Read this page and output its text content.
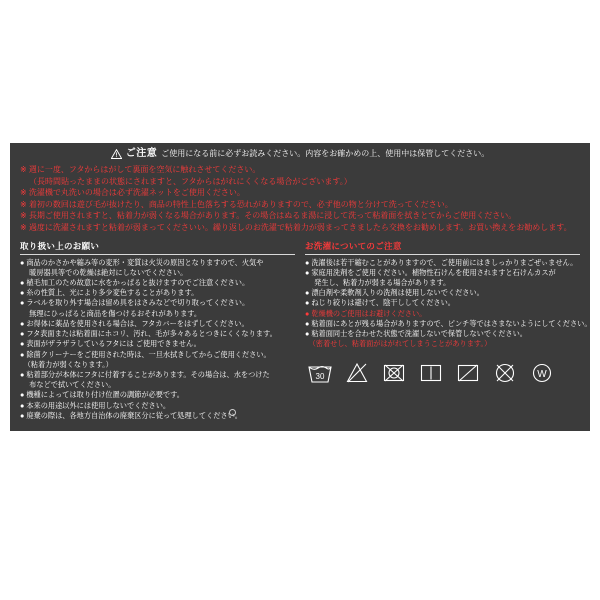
ご注意 ご使用になる前に必ずお読みください。内容をお確かめの上、使用中は保管してください。
※ 週に一度、フタからはがして裏面を空気に触れさせてください。
（長時間貼ったままの状態にされますと、フタからはがれにくくなる場合がございます。）
※ 洗濯機で丸洗いの場合は必ず洗濯ネットをご使用ください。
※ 着初の数回は遊び毛が抜けたり、商品の特性上色落ちする恐れがありますので、必ず他の物と分けて洗ってください。
※ 長期ご使用されますと、粘着力が弱くなる場合があります。その場合はぬるま湯に浸して洗って粘着面を拭きとてからご使用ください。
※ 過度に洗濯されますと粘着が弱まってくださいい。繰り返しのお洗濯で粘着力が弱まってきましたら交換をお勧めします。お買い換えをお勧めします。
取り扱い上のお願い
● 商品のかさかや縮み等の変形・変質は火災の原因となりますので、火気や
　 暖房器具等での乾燥は絶対にしないでください。
● 植毛加工のため故意に水をかっぱると抜けますのでご注意ください。
● 糸の性質上、光により多少変色することがあります。
● ラベルを取り外す場合は留め具をはさみなどで切り取ってください。
　 無理にひっぱると商品を傷つけるおそれがあります。
● お得体に薬品を使用される場合は、フタカバーをはずしてください。
● フタ表面または粘着面にホコリ、汚れ、毛が多々あるとつきにくくなります。
● 表面がザラザラしているフタには ご使用できません。
● 除菌クリーナーをご使用された時は、一旦水拭きしてからご使用ください。
　（粘着力が弱くなります。）
● 粘着部分が本体にフタに付着することがあります。その場合は、水をつけた
　 布などで拭いてください。
● 機種によっては取り付け位置の調節が必要です。
● 本来の用途以外には使用しないでください。
● 廃棄の際は、各地方自治体の廃棄区分に従って処理してください。
お洗濯についてのご注意
● 洗濯後は若干縮むことがありますので、ご使用前にはきしっかりまごぜぃません。
● 家庭用洗剤をご使用ください。植物性石けんを使用されますと石けんカスが
　 発生し、粘着力が弱まる場合があります。
● 漂白剤や柔軟剤入りの洗剤は使用しないでください。
● ねじり絞りは避けて、陰干ししてください。
● 乾燥機のご使用はお避けください。
● 粘着面にあとが残る場合がありますので、ピンチ等ではさまないようにしてください。
● 粘着面同士を合わせた状態で洗濯しないで保管しないでください。
　（密着せし、粘着面がはがれてしまうことがあります。）
30	W
